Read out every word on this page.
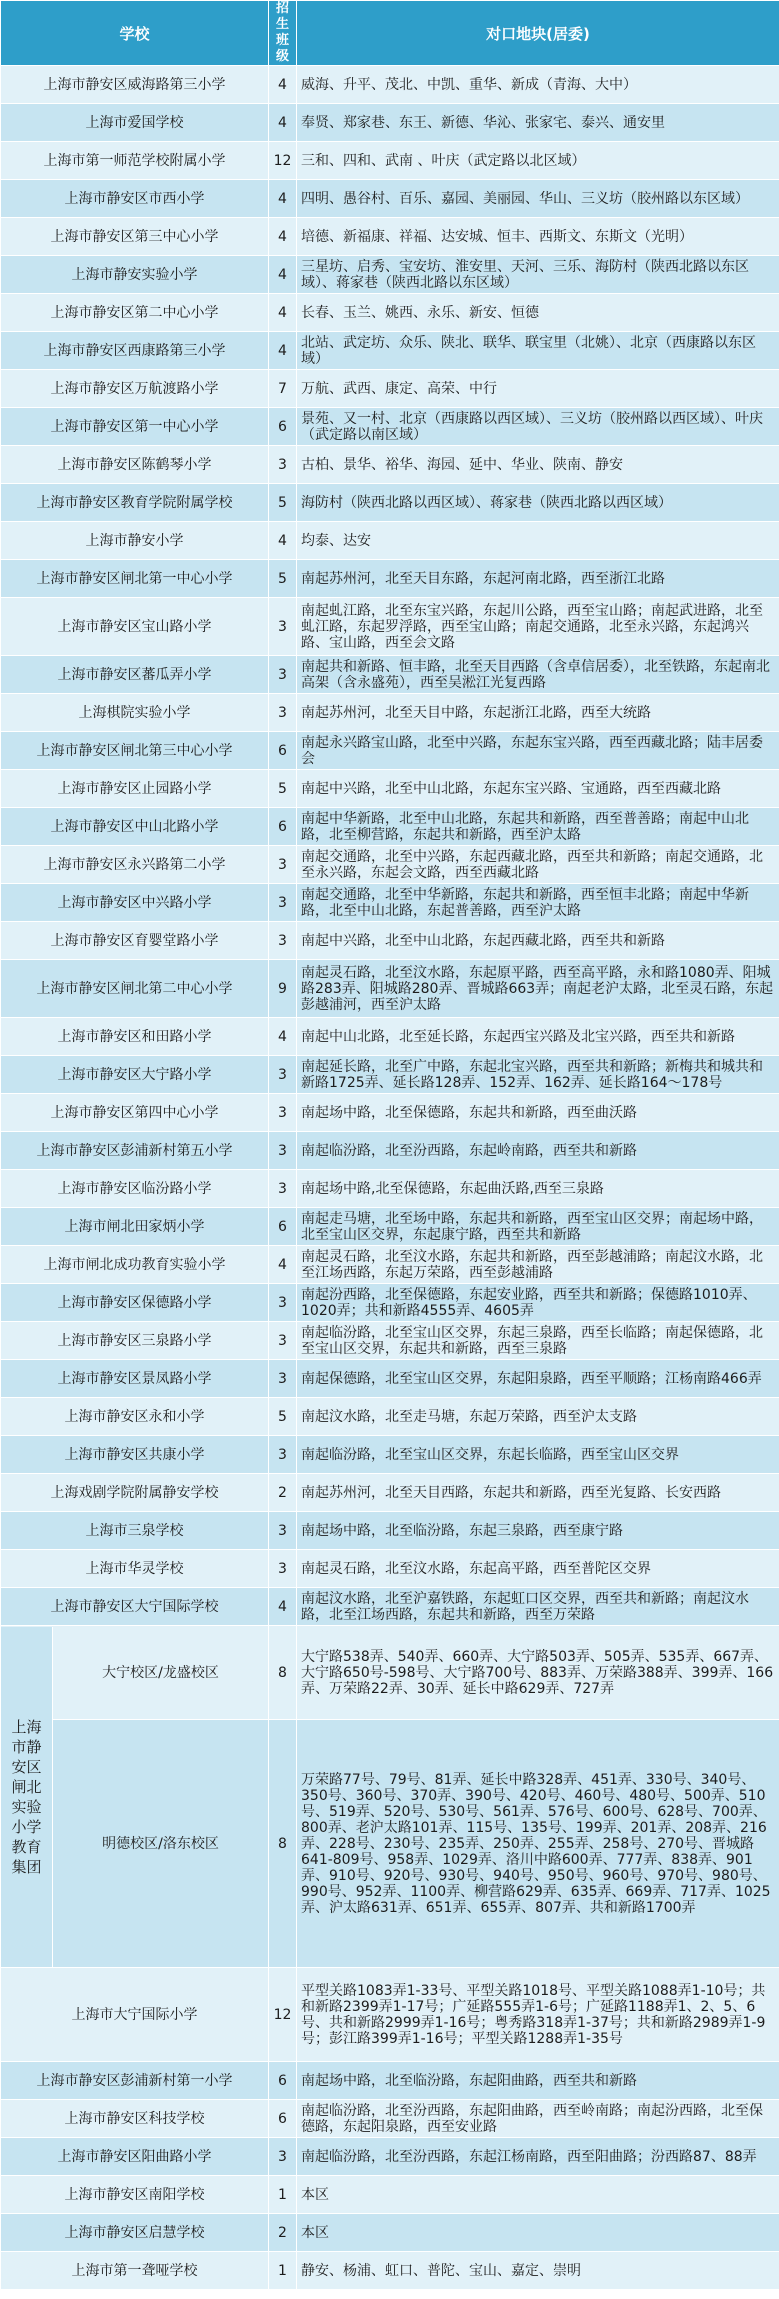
学校	招生班级	对口地块(居委)
上海市静安区威海路第三小学	4	威海、升平、茂北、中凯、重华、新成（青海、大中）
上海市爱国学校	4	奉贤、郑家巷、东王、新德、华沁、张家宅、泰兴、通安里
上海市第一师范学校附属小学	12	三和、四和、武南 、叶庆（武定路以北区域）
上海市静安区市西小学	4	四明、愚谷村、百乐、嘉园、美丽园、华山、三义坊（胶州路以东区域）
上海市静安区第三中心小学	4	培德、新福康、祥福、达安城、恒丰、西斯文、东斯文（光明）
上海市静安实验小学	4	三星坊、启秀、宝安坊、淮安里、天河、三乐、海防村（陕西北路以东区域）、蒋家巷（陕西北路以东区域）
上海市静安区第二中心小学	4	长春、玉兰、姚西、永乐、新安、恒德
上海市静安区西康路第三小学	4	北站、武定坊、众乐、陕北、联华、联宝里（北姚）、北京（西康路以东区域）
上海市静安区万航渡路小学	7	万航、武西、康定、高荣、中行
上海市静安区第一中心小学	6	景苑、又一村、北京（西康路以西区域）、三义坊（胶州路以西区域）、叶庆（武定路以南区域）
上海市静安区陈鹤琴小学	3	古柏、景华、裕华、海园、延中、华业、陕南、静安
上海市静安区教育学院附属学校	5	海防村（陕西北路以西区域）、蒋家巷（陕西北路以西区域）
上海市静安小学	4	均泰、达安
上海市静安区闸北第一中心小学	5	南起苏州河，北至天目东路，东起河南北路，西至浙江北路
上海市静安区宝山路小学	3	南起虬江路，北至东宝兴路，东起川公路，西至宝山路；南起武进路，北至虬江路，东起罗浮路，西至宝山路；南起交通路，北至永兴路，东起鸿兴路、宝山路，西至会文路
上海市静安区蕃瓜弄小学	3	南起共和新路、恒丰路，北至天目西路（含卓信居委），北至铁路，东起南北高架（含永盛苑），西至吴淞江光复西路
上海棋院实验小学	3	南起苏州河，北至天目中路，东起浙江北路，西至大统路
上海市静安区闸北第三中心小学	6	南起永兴路宝山路，北至中兴路，东起东宝兴路，西至西藏北路；陆丰居委会
上海市静安区止园路小学	5	南起中兴路，北至中山北路，东起东宝兴路、宝通路，西至西藏北路
上海市静安区中山北路小学	6	南起中华新路，北至中山北路，东起共和新路，西至普善路；南起中山北路，北至柳营路，东起共和新路，西至沪太路
上海市静安区永兴路第二小学	3	南起交通路，北至中兴路，东起西藏北路，西至共和新路；南起交通路，北至永兴路，东起会文路，西至西藏北路
上海市静安区中兴路小学	3	南起交通路，北至中华新路，东起共和新路，西至恒丰北路；南起中华新路，北至中山北路，东起普善路，西至沪太路
上海市静安区育婴堂路小学	3	南起中兴路，北至中山北路，东起西藏北路，西至共和新路
上海市静安区闸北第二中心小学	9	南起灵石路，北至汶水路，东起原平路，西至高平路，永和路1080弄、阳城路283弄、阳城路280弄、晋城路663弄；南起老沪太路，北至灵石路，东起彭越浦河，西至沪太路
上海市静安区和田路小学	4	南起中山北路，北至延长路，东起西宝兴路及北宝兴路，西至共和新路
上海市静安区大宁路小学	3	南起延长路，北至广中路，东起北宝兴路，西至共和新路；新梅共和城共和新路1725弄、延长路128弄、152弄、162弄、延长路164～178号
上海市静安区第四中心小学	3	南起场中路，北至保德路，东起共和新路，西至曲沃路
上海市静安区彭浦新村第五小学	3	南起临汾路，北至汾西路，东起岭南路，西至共和新路
上海市静安区临汾路小学	3	南起场中路,北至保德路，东起曲沃路,西至三泉路
上海市闸北田家炳小学	6	南起走马塘，北至场中路，东起共和新路，西至宝山区交界；南起场中路，北至宝山区交界，东起康宁路，西至共和新路
上海市闸北成功教育实验小学	4	南起灵石路，北至汶水路，东起共和新路，西至彭越浦路；南起汶水路，北至江场西路，东起万荣路，西至彭越浦路
上海市静安区保德路小学	3	南起汾西路，北至保德路，东起安业路，西至共和新路；保德路1010弄、1020弄；共和新路4555弄、4605弄
上海市静安区三泉路小学	3	南起临汾路，北至宝山区交界，东起三泉路，西至长临路；南起保德路，北至宝山区交界，东起共和新路，西至三泉路
上海市静安区景凤路小学	3	南起保德路，北至宝山区交界，东起阳泉路，西至平顺路；江杨南路466弄
上海市静安区永和小学	5	南起汶水路，北至走马塘，东起万荣路，西至沪太支路
上海市静安区共康小学	3	南起临汾路，北至宝山区交界，东起长临路，西至宝山区交界
上海戏剧学院附属静安学校	2	南起苏州河，北至天目西路，东起共和新路，西至光复路、长安西路
上海市三泉学校	3	南起场中路，北至临汾路，东起三泉路，西至康宁路
上海市华灵学校	3	南起灵石路，北至汶水路，东起高平路，西至普陀区交界
上海市静安区大宁国际学校	4	南起汶水路，北至沪嘉铁路，东起虹口区交界，西至共和新路；南起汶水路，北至江场西路，东起共和新路，西至万荣路

上海市静安区闸北实验小学教育集团
大宁校区/龙盛校区	8	大宁路538弄、540弄、660弄、大宁路503弄、505弄、535弄、667弄、大宁路650号-598号、大宁路700号、883弄、万荣路388弄、399弄、166弄、万荣路22弄、30弄、延长中路629弄、727弄

明德校区/洛东校区	8	万荣路77号、79号、81弄、延长中路328弄、451弄、330号、340号、350号、360号、370弄、390号、420号、460号、480号、500弄、510号、519弄、520号、530号、561弄、576号、600号、628号、700弄、800弄、老沪太路101弄、115号、135号、199弄、201弄、208弄、216弄、228号、230号、235弄、250弄、255弄、258号、270号、晋城路641-809号、958弄、1029弄、洛川中路600弄、777弄、838弄、901弄、910号、920号、930号、940号、950号、960号、970号、980号、990号、952弄、1100弄、柳营路629弄、635弄、669弄、717弄、1025弄、沪太路631弄、651弄、655弄、807弄、共和新路1700弄
上海市大宁国际小学	12	平型关路1083弄1-33号、平型关路1018号、平型关路1088弄1-10号；共和新路2399弄1-17号；广延路555弄1-6号；广延路1188弄1、2、5、6号、共和新路2999弄1-16号；粤秀路318弄1-37号；共和新路2989弄1-9号；彭江路399弄1-16号；平型关路1288弄1-35号
上海市静安区彭浦新村第一小学	6	南起场中路，北至临汾路，东起阳曲路，西至共和新路
上海市静安区科技学校	6	南起临汾路，北至汾西路，东起阳曲路，西至岭南路；南起汾西路，北至保德路，东起阳泉路，西至安业路
上海市静安区阳曲路小学	3	南起临汾路，北至汾西路，东起江杨南路，西至阳曲路；汾西路87、88弄
上海市静安区南阳学校	1	本区
上海市静安区启慧学校	2	本区
上海市第一聋哑学校	1	静安、杨浦、虹口、普陀、宝山、嘉定、崇明
